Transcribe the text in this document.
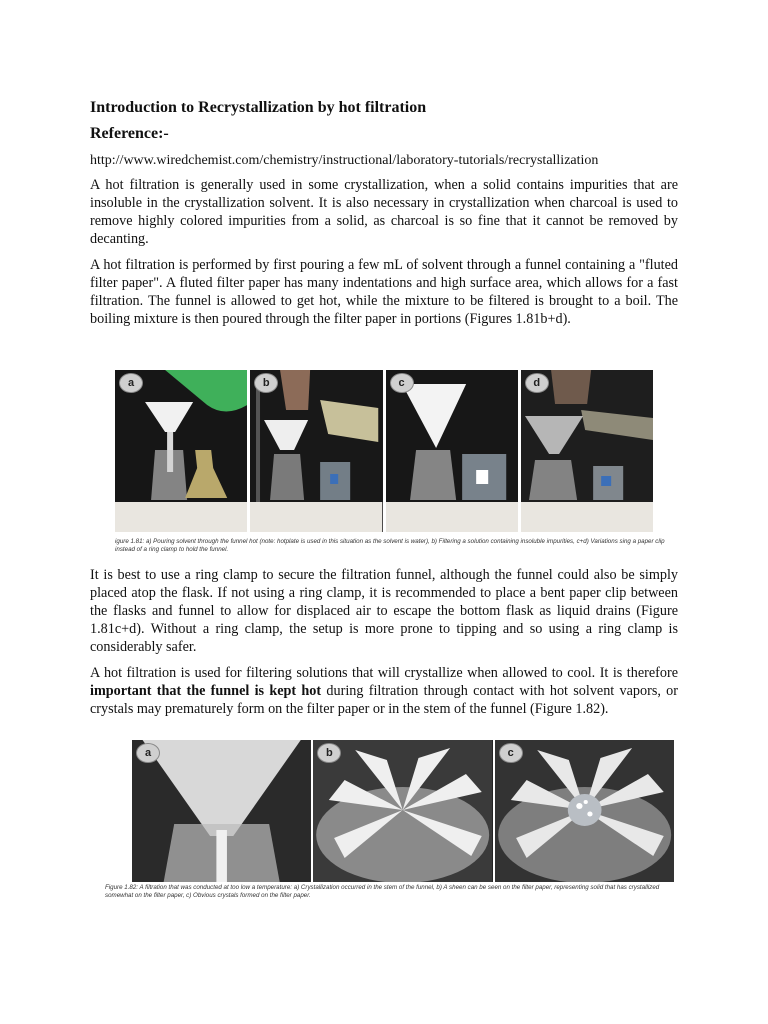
Introduction to Recrystallization by hot filtration
Reference:-
http://www.wiredchemist.com/chemistry/instructional/laboratory-tutorials/recrystallization

A hot filtration is generally used in some crystallization, when a solid contains impurities that are insoluble in the crystallization solvent. It is also necessary in crystallization when charcoal is used to remove highly colored impurities from a solid, as charcoal is so fine that it cannot be removed by decanting.

A hot filtration is performed by first pouring a few mL of solvent through a funnel containing a "fluted filter paper". A fluted filter paper has many indentations and high surface area, which allows for a fast filtration. The funnel is allowed to get hot, while the mixture to be filtered is brought to a boil. The boiling mixture is then poured through the filter paper in portions (Figures 1.81b+d).

a	b	c	d
igure 1.81: a) Pouring solvent through the funnel hot (note: hotplate is used in this situation as the solvent is water), b) Filtering a solution containing insoluble impurities, c+d) Variations sing a paper clip instead of a ring clamp to hold the funnel.

It is best to use a ring clamp to secure the filtration funnel, although the funnel could also be simply placed atop the flask. If not using a ring clamp, it is recommended to place a bent paper clip between the flasks and funnel to allow for displaced air to escape the bottom flask as liquid drains (Figure 1.81c+d). Without a ring clamp, the setup is more prone to tipping and so using a ring clamp is considerably safer.

A hot filtration is used for filtering solutions that will crystallize when allowed to cool. It is therefore important that the funnel is kept hot during filtration through contact with hot solvent vapors, or crystals may prematurely form on the filter paper or in the stem of the funnel (Figure 1.82).

a	b	c
Figure 1.82: A filtration that was conducted at too low a temperature: a) Crystallization occurred in the stem of the funnel, b) A sheen can be seen on the filter paper, representing solid that has crystallized somewhat on the filter paper, c) Obvious crystals formed on the filter paper.
